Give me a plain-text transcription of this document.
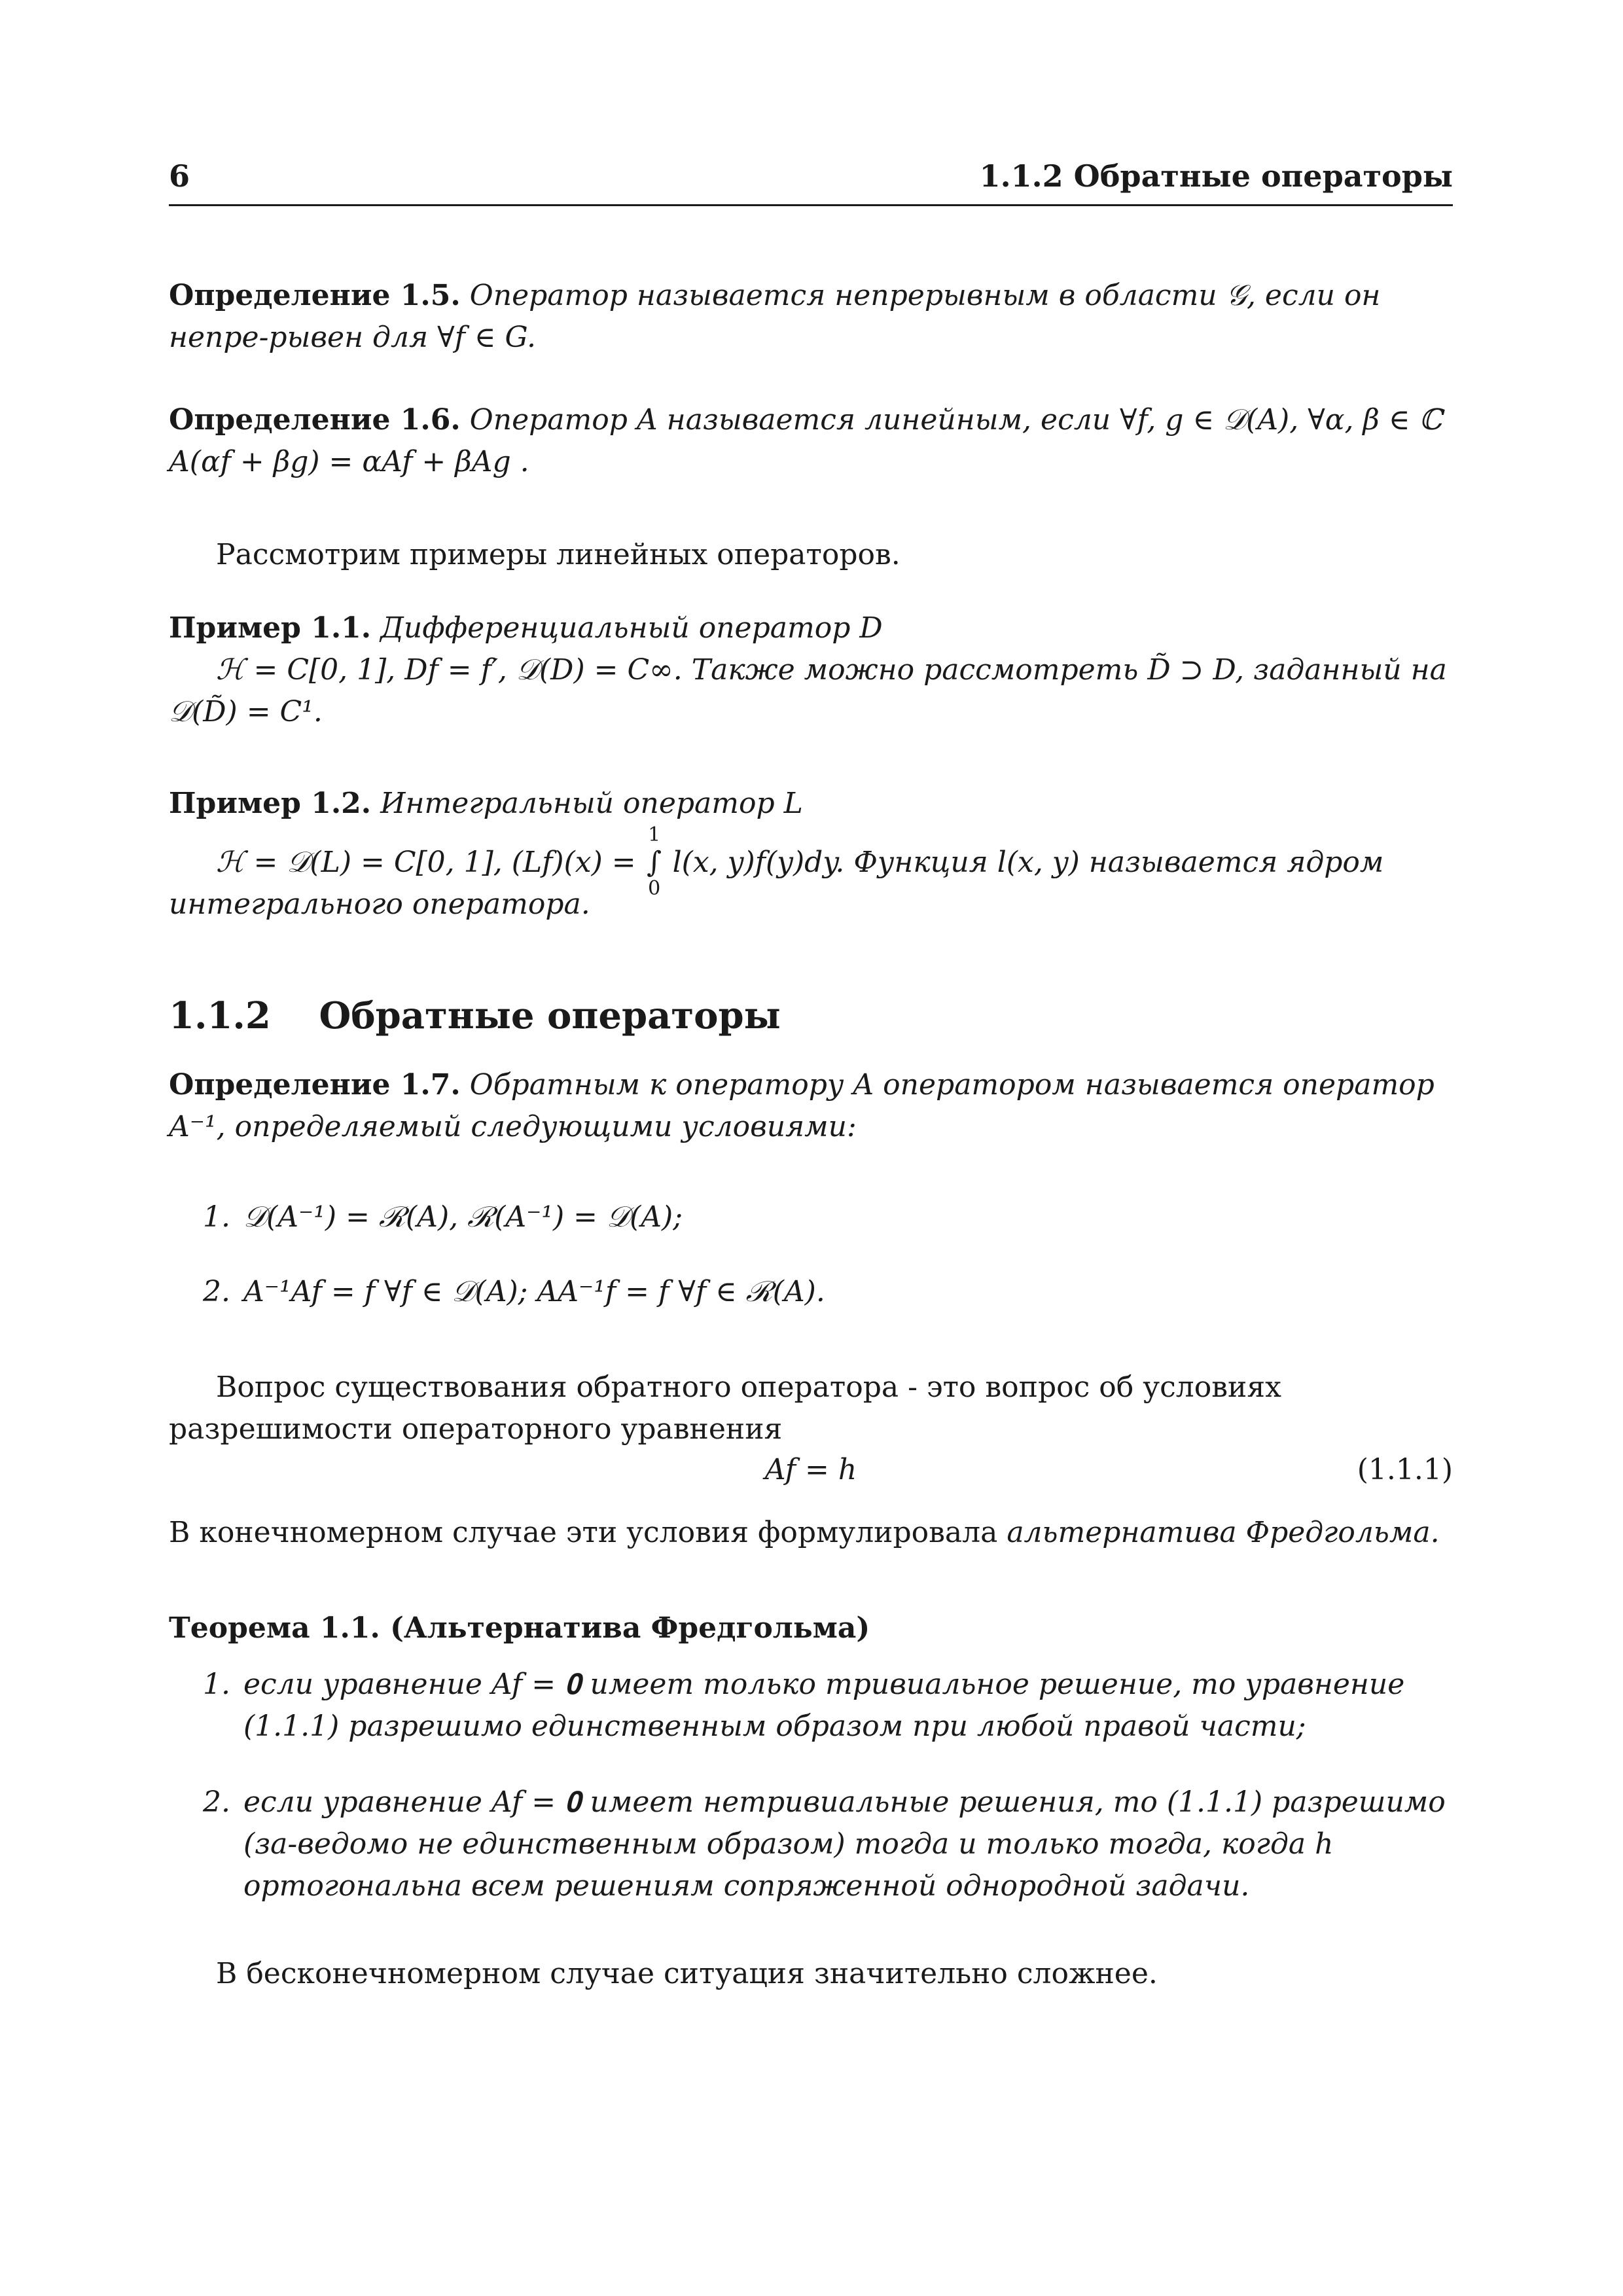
6	1.1.2 Обратные операторы
Определение 1.5. Оператор называется непрерывным в области 𝒢, если он непре-рывен для ∀f ∈ G.
Определение 1.6. Оператор A называется линейным, если ∀f, g ∈ 𝒟(A), ∀α, β ∈ ℂ A(αf + βg) = αAf + βAg .
Рассмотрим примеры линейных операторов.
Пример 1.1. Дифференциальный оператор D
ℋ = C[0, 1], Df = f′, 𝒟(D) = C∞. Также можно рассмотреть D̃ ⊃ D, заданный на 𝒟(D̃) = C¹.
Пример 1.2. Интегральный оператор L
ℋ = 𝒟(L) = C[0, 1], (Lf)(x) =
1
∫
0
l(x, y)f(y)dy. Функция l(x, y) называется ядром интегрального оператора.
1.1.2 Обратные операторы
Определение 1.7. Обратным к оператору A оператором называется оператор A⁻¹, определяемый следующими условиями:
1. 𝒟(A⁻¹) = ℛ(A), ℛ(A⁻¹) = 𝒟(A);
2. A⁻¹Af = f ∀f ∈ 𝒟(A); AA⁻¹f = f ∀f ∈ ℛ(A).
Вопрос существования обратного оператора - это вопрос об условиях разрешимости операторного уравнения
Af = h	(1.1.1)
В конечномерном случае эти условия формулировала альтернатива Фредгольма.
Теорема 1.1. (Альтернатива Фредгольма)
1. если уравнение Af = 𝟎 имеет только тривиальное решение, то уравнение (1.1.1) разрешимо единственным образом при любой правой части;
2. если уравнение Af = 𝟎 имеет нетривиальные решения, то (1.1.1) разрешимо (за-ведомо не единственным образом) тогда и только тогда, когда h ортогональна всем решениям сопряженной однородной задачи.
В бесконечномерном случае ситуация значительно сложнее.
